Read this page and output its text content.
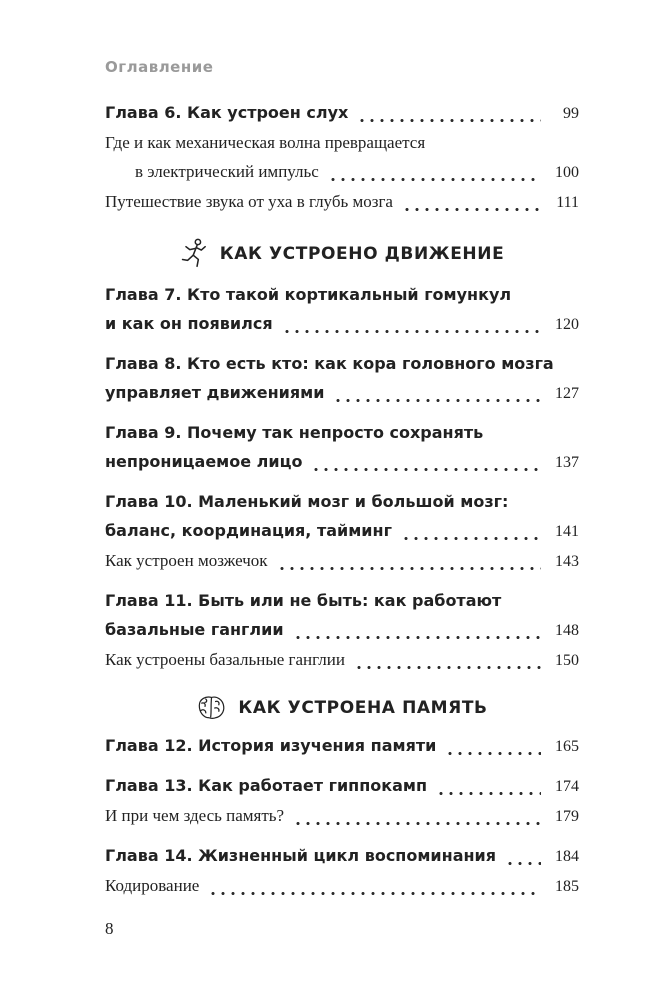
Оглавление
Глава 6. Как устроен слух	99
Где и как механическая волна превращается
в электрический импульс	100
Путешествие звука от уха в глубь мозга	111
КАК УСТРОЕНО ДВИЖЕНИЕ
Глава 7. Кто такой кортикальный гомункул
и как он появился	120
Глава 8. Кто есть кто: как кора головного мозга
управляет движениями	127
Глава 9. Почему так непросто сохранять
непроницаемое лицо	137
Глава 10. Маленький мозг и большой мозг:
баланс, координация, тайминг	141
Как устроен мозжечок	143
Глава 11. Быть или не быть: как работают
базальные ганглии	148
Как устроены базальные ганглии	150
КАК УСТРОЕНА ПАМЯТЬ
Глава 12. История изучения памяти	165
Глава 13. Как работает гиппокамп	174
И при чем здесь память?	179
Глава 14. Жизненный цикл воспоминания	184
Кодирование	185
8
